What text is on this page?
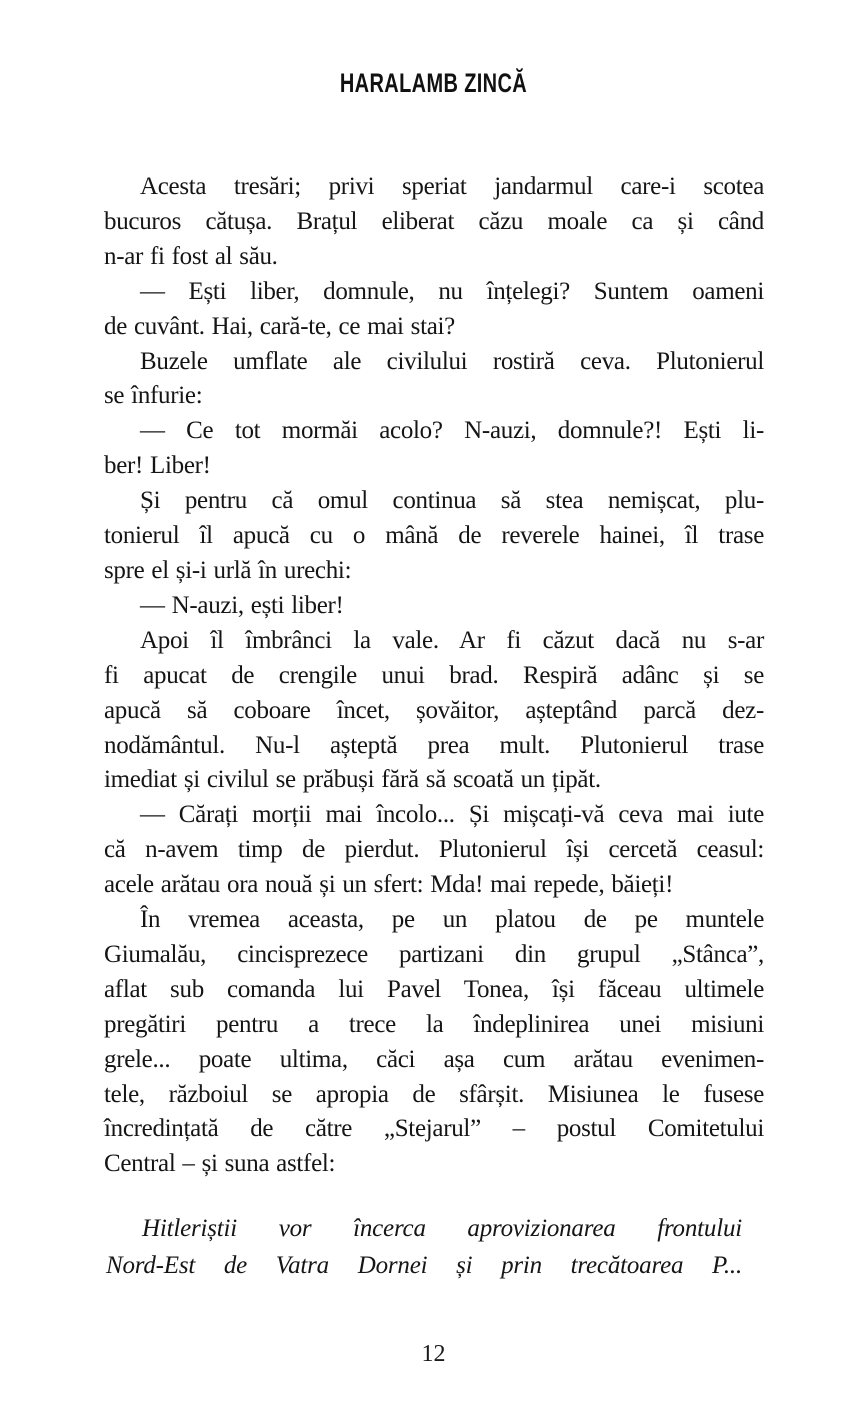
HARALAMB ZINCĂ
Acesta tresări; privi speriat jandarmul care-i scotea
bucuros cătușa. Brațul eliberat căzu moale ca și când
n-ar fi fost al său.
— Ești liber, domnule, nu înțelegi? Suntem oameni
de cuvânt. Hai, cară-te, ce mai stai?
Buzele umflate ale civilului rostiră ceva. Plutonierul
se înfurie:
— Ce tot mormăi acolo? N-auzi, domnule?! Ești li-
ber! Liber!
Și pentru că omul continua să stea nemișcat, plu-
tonierul îl apucă cu o mână de reverele hainei, îl trase
spre el și-i urlă în urechi:
— N-auzi, ești liber!
Apoi îl îmbrânci la vale. Ar fi căzut dacă nu s-ar
fi apucat de crengile unui brad. Respiră adânc și se
apucă să coboare încet, șovăitor, așteptând parcă dez-
nodământul. Nu-l așteptă prea mult. Plutonierul trase
imediat și civilul se prăbuși fără să scoată un țipăt.
— Cărați morții mai încolo... Și mișcați-vă ceva mai iute
că n-avem timp de pierdut. Plutonierul își cercetă ceasul:
acele arătau ora nouă și un sfert: Mda! mai repede, băieți!
În vremea aceasta, pe un platou de pe muntele
Giumalău, cincisprezece partizani din grupul „Stânca”,
aflat sub comanda lui Pavel Tonea, își făceau ultimele
pregătiri pentru a trece la îndeplinirea unei misiuni
grele... poate ultima, căci așa cum arătau evenimen-
tele, războiul se apropia de sfârșit. Misiunea le fusese
încredințată de către „Stejarul” – postul Comitetului
Central – și suna astfel:
Hitleriștii vor încerca aprovizionarea frontului
Nord-Est de Vatra Dornei și prin trecătoarea P...
12
